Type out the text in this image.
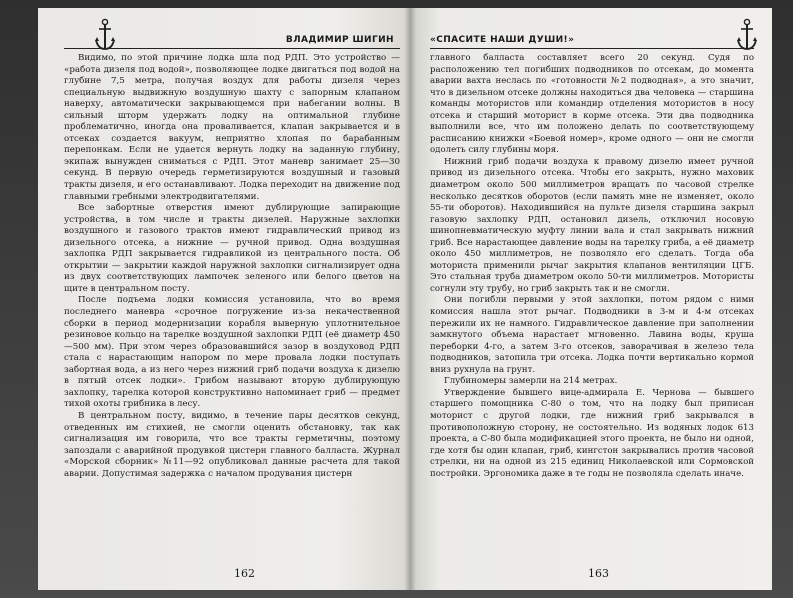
ВЛАДИМИР ШИГИН

Видимо, по этой причине лодка шла под РДП. Это устройство — «работа дизеля под водой», позволяющее лодке двигаться под водой на глубине 7,5 метра, получая воздух для работы дизеля через специальную выдвижную воздушную шахту с запорным клапаном наверху, автоматически закрывающемся при набегании волны. В сильный шторм удержать лодку на оптимальной глубине проблематично, иногда она проваливается, клапан закрывается и в отсеках создается вакуум, неприятно хлопая по барабанным перепонкам. Если не удается вернуть лодку на заданную глубину, экипаж вынужден сниматься с РДП. Этот маневр занимает 25—30 секунд. В первую очередь герметизируются воздушный и газовый тракты дизеля, и его останавливают. Лодка переходит на движение под главными гребными электродвигателями.

Все забортные отверстия имеют дублирующие запирающие устройства, в том числе и тракты дизелей. Наружные захлопки воздушного и газового трактов имеют гидравлический привод из дизельного отсека, а нижние — ручной привод. Одна воздушная захлопка РДП закрывается гидравликой из центрального поста. Об открытии — закрытии каждой наружной захлопки сигнализирует одна из двух соответствующих лампочек зеленого или белого цветов на щите в центральном посту.

После подъема лодки комиссия установила, что во время последнего маневра «срочное погружение из-за некачественной сборки в период модернизации корабля выверную уплотнительное резиновое кольцо на тарелке воздушной захлопки РДП (её диаметр 450—500 мм). При этом через образовавшийся зазор в воздуховод РДП стала с нарастающим напором по мере провала лодки поступать забортная вода, а из него через нижний гриб подачи воздуха к дизелю в пятый отсек лодки». Грибом называют вторую дублирующую захлопку, тарелка которой конструктивно напоминает гриб — предмет тихой охоты грибника в лесу.

В центральном посту, видимо, в течение пары десятков секунд, отведенных им стихией, не смогли оценить обстановку, так как сигнализация им говорила, что все тракты герметичны, поэтому запоздали с аварийной продувкой цистерн главного балласта. Журнал «Морской сборник» №11—92 опубликовал данные расчета для такой аварии. Допустимая задержка с началом продувания цистерн

162
«СПАСИТЕ НАШИ ДУШИ!»

главного балласта составляет всего 20 секунд. Судя по расположению тел погибших подводников по отсекам, до момента аварии вахта неслась по «готовности №2 подводная», а это значит, что в дизельном отсеке должны находиться два человека — старшина команды мотористов или командир отделения мотористов в носу отсека и старший моторист в корме отсека. Эти два подводника выполнили все, что им положено делать по соответствующему расписанию книжки «Боевой номер», кроме одного — они не смогли одолеть силу глубины моря.

Нижний гриб подачи воздуха к правому дизелю имеет ручной привод из дизельного отсека. Чтобы его закрыть, нужно маховик диаметром около 500 миллиметров вращать по часовой стрелке несколько десятков оборотов (если память мне не изменяет, около 55-ти оборотов). Находившийся на пульте дизеля старшина закрыл газовую захлопку РДП, остановил дизель, отключил носовую шинопневматическую муфту линии вала и стал закрывать нижний гриб. Все нарастающее давление воды на тарелку гриба, а её диаметр около 450 миллиметров, не позволяло его сделать. Тогда оба моториста применили рычаг закрытия клапанов вентиляции ЦГБ. Это стальная труба диаметром около 50-ти миллиметров. Мотористы согнули эту трубу, но гриб закрыть так и не смогли.

Они погибли первыми у этой захлопки, потом рядом с ними комиссия нашла этот рычаг. Подводники в 3-м и 4-м отсеках пережили их не намного. Гидравлическое давление при заполнении замкнутого объема нарастает мгновенно. Лавина воды, круша переборки 4-го, а затем 3-го отсеков, заворачивая в железо тела подводников, затопила три отсека. Лодка почти вертикально кормой вниз рухнула на грунт.

Глубиномеры замерли на 214 метрах.

Утверждение бывшего вице-адмирала Е. Чернова — бывшего старшего помощника С-80 о том, что на лодку был приписан моторист с другой лодки, где нижний гриб закрывался в противоположную сторону, не состоятельно. Из водяных лодок 613 проекта, а С-80 была модификацией этого проекта, не было ни одной, где хотя бы один клапан, гриб, кингстон закрывались против часовой стрелки, ни на одной из 215 единиц Николаевской или Сормовской постройки. Эргономика даже в те годы не позволяла сделать иначе.

163
